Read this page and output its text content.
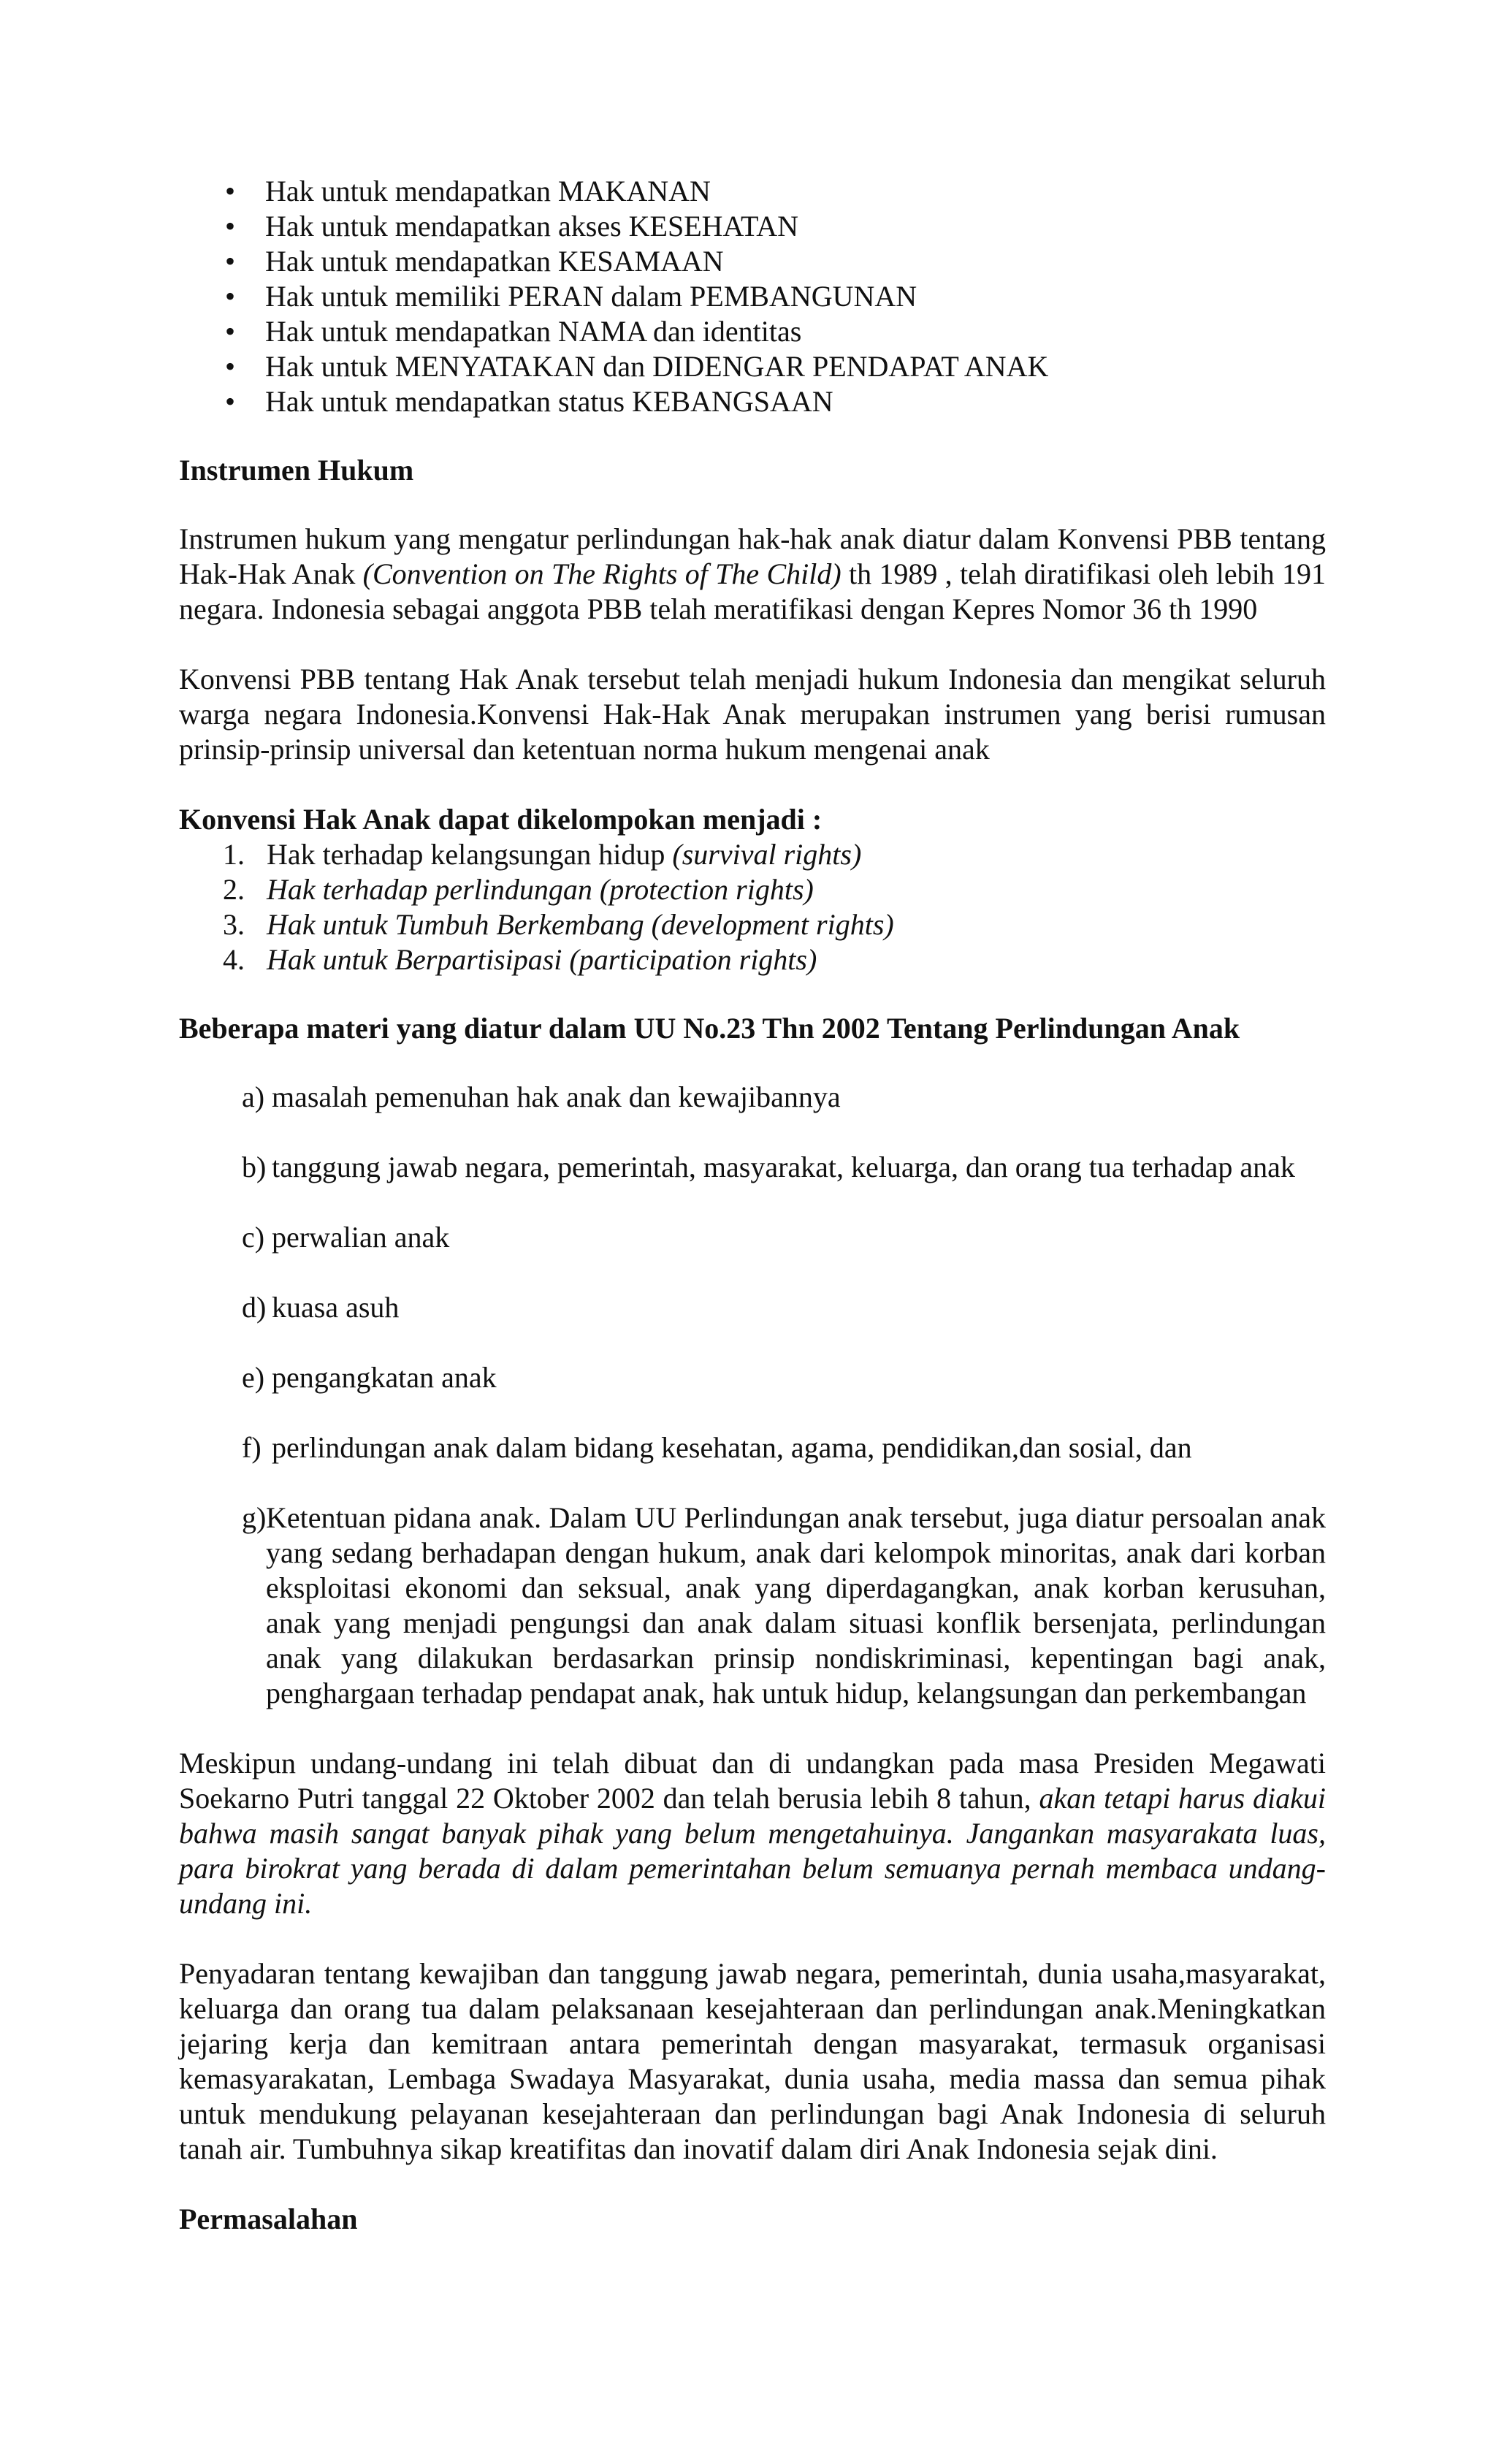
• Hak untuk mendapatkan MAKANAN
• Hak untuk mendapatkan akses KESEHATAN
• Hak untuk mendapatkan KESAMAAN
• Hak untuk memiliki PERAN dalam PEMBANGUNAN
• Hak untuk mendapatkan NAMA dan identitas
• Hak untuk MENYATAKAN dan DIDENGAR PENDAPAT ANAK
• Hak untuk mendapatkan status KEBANGSAAN

Instrumen Hukum

Instrumen hukum yang mengatur perlindungan hak-hak anak diatur dalam Konvensi PBB tentang Hak-Hak Anak (Convention on The Rights of The Child) th 1989 , telah diratifikasi oleh lebih 191 negara. Indonesia sebagai anggota PBB telah meratifikasi dengan Kepres Nomor 36 th 1990

Konvensi PBB tentang Hak Anak tersebut telah menjadi hukum Indonesia dan mengikat seluruh warga negara Indonesia.Konvensi Hak-Hak Anak merupakan instrumen yang berisi rumusan prinsip-prinsip universal dan ketentuan norma hukum mengenai anak

Konvensi Hak Anak dapat dikelompokan menjadi :

1. Hak terhadap kelangsungan hidup (survival rights)
2. Hak terhadap perlindungan (protection rights)
3. Hak untuk Tumbuh Berkembang (development rights)
4. Hak untuk Berpartisipasi (participation rights)

Beberapa materi yang diatur dalam UU No.23 Thn 2002 Tentang Perlindungan Anak

a) masalah pemenuhan hak anak dan kewajibannya

b) tanggung jawab negara, pemerintah, masyarakat, keluarga, dan orang tua terhadap anak

c) perwalian anak

d) kuasa asuh

e) pengangkatan anak

f) perlindungan anak dalam bidang kesehatan, agama, pendidikan,dan sosial, dan

g) Ketentuan pidana anak. Dalam UU Perlindungan anak tersebut, juga diatur persoalan anak yang sedang berhadapan dengan hukum, anak dari kelompok minoritas, anak dari korban eksploitasi ekonomi dan seksual, anak yang diperdagangkan, anak korban kerusuhan, anak yang menjadi pengungsi dan anak dalam situasi konflik bersenjata, perlindungan anak yang dilakukan berdasarkan prinsip nondiskriminasi, kepentingan bagi anak, penghargaan terhadap pendapat anak, hak untuk hidup, kelangsungan dan perkembangan

Meskipun undang-undang ini telah dibuat dan di undangkan pada masa Presiden Megawati Soekarno Putri tanggal 22 Oktober 2002 dan telah berusia lebih 8 tahun, akan tetapi harus diakui bahwa masih sangat banyak pihak yang belum mengetahuinya. Jangankan masyarakata luas, para birokrat yang berada di dalam pemerintahan belum semuanya pernah membaca undang-undang ini.

Penyadaran tentang kewajiban dan tanggung jawab negara, pemerintah, dunia usaha,masyarakat, keluarga dan orang tua dalam pelaksanaan kesejahteraan dan perlindungan anak.Meningkatkan jejaring kerja dan kemitraan antara pemerintah dengan masyarakat, termasuk organisasi kemasyarakatan, Lembaga Swadaya Masyarakat, dunia usaha, media massa dan semua pihak untuk mendukung pelayanan kesejahteraan dan perlindungan bagi Anak Indonesia di seluruh tanah air. Tumbuhnya sikap kreatifitas dan inovatif dalam diri Anak Indonesia sejak dini.

Permasalahan
